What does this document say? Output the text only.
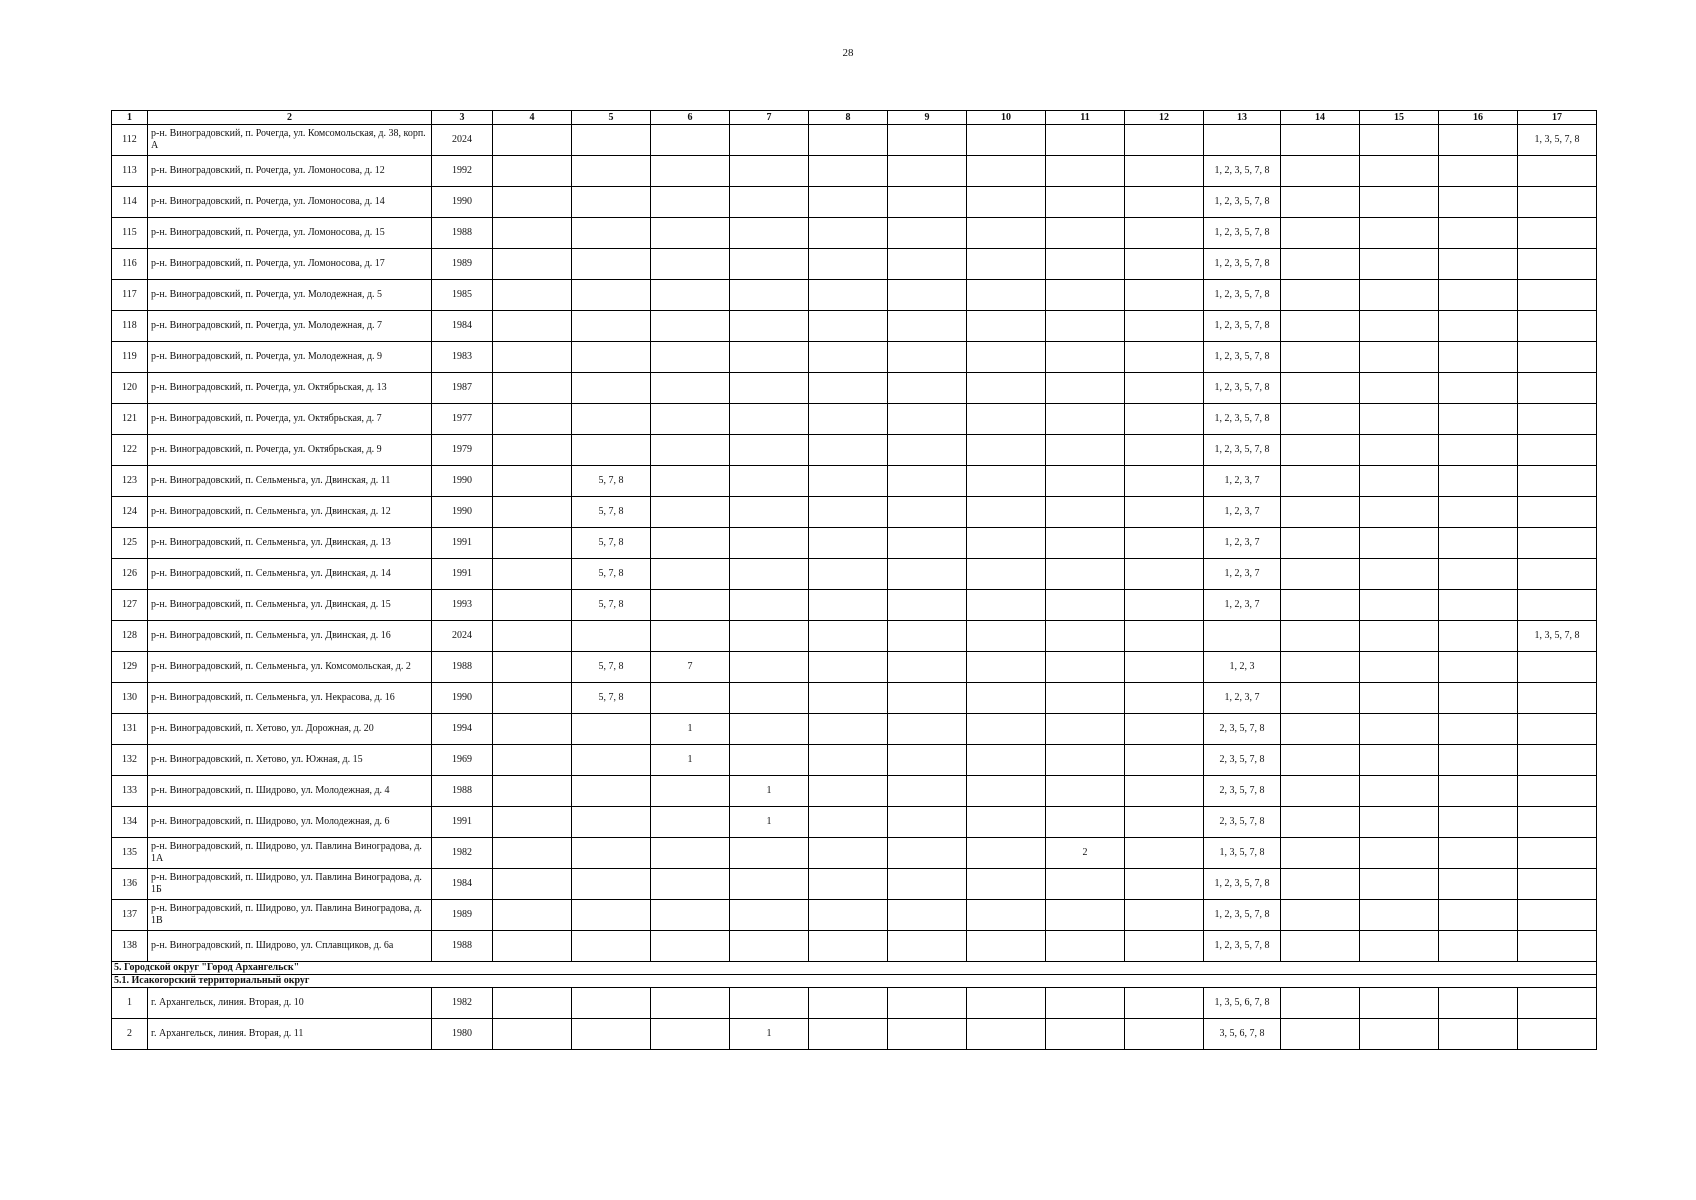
28
1	2	3	4	5	6	7	8	9	10	11	12	13	14	15	16	17
112	р-н. Виноградовский, п. Рочегда, ул. Комсомольская, д. 38, корп. А	2024														1, 3, 5, 7, 8
113	р-н. Виноградовский, п. Рочегда, ул. Ломоносова, д. 12	1992										1, 2, 3, 5, 7, 8				
114	р-н. Виноградовский, п. Рочегда, ул. Ломоносова, д. 14	1990										1, 2, 3, 5, 7, 8				
115	р-н. Виноградовский, п. Рочегда, ул. Ломоносова, д. 15	1988										1, 2, 3, 5, 7, 8				
116	р-н. Виноградовский, п. Рочегда, ул. Ломоносова, д. 17	1989										1, 2, 3, 5, 7, 8				
117	р-н. Виноградовский, п. Рочегда, ул. Молодежная, д. 5	1985										1, 2, 3, 5, 7, 8				
118	р-н. Виноградовский, п. Рочегда, ул. Молодежная, д. 7	1984										1, 2, 3, 5, 7, 8				
119	р-н. Виноградовский, п. Рочегда, ул. Молодежная, д. 9	1983										1, 2, 3, 5, 7, 8				
120	р-н. Виноградовский, п. Рочегда, ул. Октябрьская, д. 13	1987										1, 2, 3, 5, 7, 8				
121	р-н. Виноградовский, п. Рочегда, ул. Октябрьская, д. 7	1977										1, 2, 3, 5, 7, 8				
122	р-н. Виноградовский, п. Рочегда, ул. Октябрьская, д. 9	1979										1, 2, 3, 5, 7, 8				
123	р-н. Виноградовский, п. Сельменьга, ул. Двинская, д. 11	1990		5, 7, 8								1, 2, 3, 7				
124	р-н. Виноградовский, п. Сельменьга, ул. Двинская, д. 12	1990		5, 7, 8								1, 2, 3, 7				
125	р-н. Виноградовский, п. Сельменьга, ул. Двинская, д. 13	1991		5, 7, 8								1, 2, 3, 7				
126	р-н. Виноградовский, п. Сельменьга, ул. Двинская, д. 14	1991		5, 7, 8								1, 2, 3, 7				
127	р-н. Виноградовский, п. Сельменьга, ул. Двинская, д. 15	1993		5, 7, 8								1, 2, 3, 7				
128	р-н. Виноградовский, п. Сельменьга, ул. Двинская, д. 16	2024														1, 3, 5, 7, 8
129	р-н. Виноградовский, п. Сельменьга, ул. Комсомольская, д. 2	1988		5, 7, 8	7							1, 2, 3				
130	р-н. Виноградовский, п. Сельменьга, ул. Некрасова, д. 16	1990		5, 7, 8								1, 2, 3, 7				
131	р-н. Виноградовский, п. Хетово, ул. Дорожная, д. 20	1994			1							2, 3, 5, 7, 8				
132	р-н. Виноградовский, п. Хетово, ул. Южная, д. 15	1969			1							2, 3, 5, 7, 8				
133	р-н. Виноградовский, п. Шидрово, ул. Молодежная, д. 4	1988				1						2, 3, 5, 7, 8				
134	р-н. Виноградовский, п. Шидрово, ул. Молодежная, д. 6	1991				1						2, 3, 5, 7, 8				
135	р-н. Виноградовский, п. Шидрово, ул. Павлина Виноградова, д. 1А	1982								2		1, 3, 5, 7, 8				
136	р-н. Виноградовский, п. Шидрово, ул. Павлина Виноградова, д. 1Б	1984										1, 2, 3, 5, 7, 8				
137	р-н. Виноградовский, п. Шидрово, ул. Павлина Виноградова, д. 1В	1989										1, 2, 3, 5, 7, 8				
138	р-н. Виноградовский, п. Шидрово, ул. Сплавщиков, д. 6а	1988										1, 2, 3, 5, 7, 8				
5. Городской округ "Город Архангельск"																
5.1. Исакогорский территориальный округ																
1	г. Архангельск, линия. Вторая, д. 10	1982										1, 3, 5, 6, 7, 8				
2	г. Архангельск, линия. Вторая, д. 11	1980				1						3, 5, 6, 7, 8				
